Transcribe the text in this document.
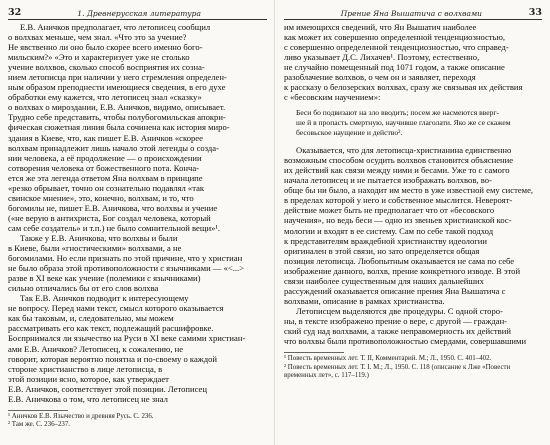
32	1. Древнерусская литература

Е.В. Аничков предполагает, что летописец сообщил

о волхвах меньше, чем знал. «Что это за учение?

Не явственно ли оно было скорее всего именно бого-

мильским?» «Это и характеризует уже не столько

учение волхвов, сколько способ восприятия их созна-

нием летописца при наличии у него стремления определен-

ным образом преподнести имеющиеся сведения, в его духе

обработки ему кажется, что летописец знал «сказку»

о волхвах о мироздании, Е.В. Аничков, видимо, описывает.

Трудно себе представить, чтобы полубогомильская апокри-

фическая сюжетная линия была сочинена как история миро-

здания в Киеве, что, как пишет Е.В. Аничков «скорее

волхвам принадлежит лишь начало этой легенды о созда-

нии человека, а её продолжение — о происхождении

сотворения человека от божественного пота. Конча-

ется же эта легенда ответом Яна волхвам в принципе

«резко обрывает, точно он сознательно подавлял «так

свинское мнение», это, конечно, волхвам, и то, что

богомилы не, пишет Е.В. Аничкова, что волхвы и учение

(«не верую в антихриста, Бог создал человека, который

сам себе создатель» и т.п.) не было сомнительной вещи»¹.

Также у Е.В. Аничкова, что волхвы и были

в Киеве, были «гностическими» волхвами, а не

богомилами. Но если признать по этой причине, что у христиан

не было образа этой противоположности с язычниками — «<...>

разве в XI веке как учение (полемики с язычниками)

сильно отличались бы от его слов волхва

Так Е.В. Аничков подводит к интересующему

не вопросу. Перед нами текст, смысл которого оказывается

как бы таковым, и, следовательно, мы можем

рассматривать его как текст, подлежащий расшифровке.

Боспрнимался ли язычество на Руси в XI веке самими христиан-

ами Е.В. Аничков? Летописец, к сожалению, не

говорит, которая вероятно понятна и по-своему о каждой

стороне христианство в лице летописца, в

этой позиции ясно, которое, как утверждает

Е.В. Аничков, соответствует этой позиции. Летописец

Е.В. Аничкова о том, что летописец не знал

¹ Аничков Е.В. Язычество и древняя Русь. С. 236.
² Там же. С. 236–237.
Прение Яна Вышатича с волхвами	33

им имеющихся сведений, что Ян Вышатич наиболее

как может их совершенно определенной тенденциозностью,

с совершенно определенной тенденциозностью, что справед-

ливо указывает Д.С. Лихачев¹. Поэтому, естественно,

не случайно помещенный под 1071 годом, а также описание

разоблачение волхвов, о чем он и заявляет, переходя

к рассказу о белозерских волхвах, сразу же связывая их действия

с «бесовским научением»:

Беси бо подвизают на зло вводить; посем же насмеются вверг-

ше й в пропасть смертную, научивше глаголати. Яко же се скажем

бесовьское наущение и действо².

Оказывается, что для летописца-христианина единственно

возможным способом осудить волхвов становится объяснение

их действий как связи между ними и бесами. Уже то с самого

начала летописец и не пытается изображать волхвов, во-

обще бы ни было, а находит им место в уже известной ему системе,

в пределах которой у него и собственное мыслится. Невероят-

действие может быть не предполагает что от «бесовского

научения», но ведь беси — одно из звеньев христианской кос-

мологии и входят в ее систему. Сам по себе такой подход

к представителям враждебной христианству идеологии

оригинален в этой связи, но зато определяется общая

позиция летописца. Любопытным оказывается не сама по себе

изображение данного, волхв, прение конкретного изводе. В этой

связи наиболее существенным для наших дальнейших

рассуждений оказывается описание прения Яна Вышатича с

волхвами, описание в рамках христианства.

Летописцем выделяются две процедуры. С одной сторо-

ны, в тексте изображено прение о вере, с другой — граждан-

ский суд над волхвами, а также неправомерность их действий

что волхвы были противоположностью смердами, совершавшими

¹ Повесть временных лет. Т. II, Комментарий. М.; Л., 1950. С. 401–402.
² Повесть временных лет. Т. I. М.; Л., 1950. С. 118 (описание к Лже «Повести временных лет», с. 117–119.)
